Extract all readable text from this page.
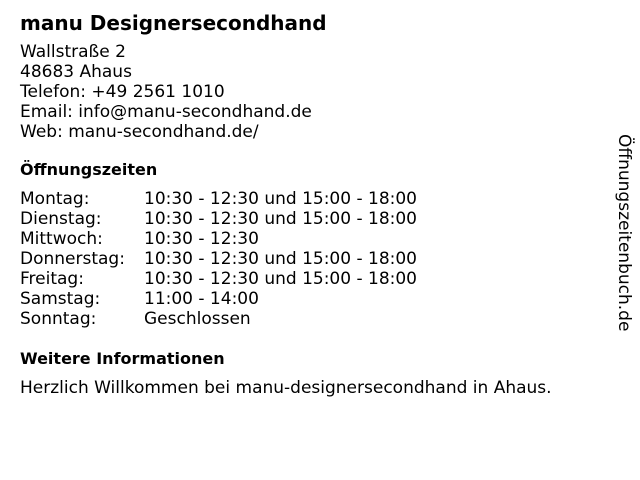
manu Designersecondhand
Wallstraße 2
48683 Ahaus
Telefon: +49 2561 1010
Email: info@manu-secondhand.de
Web: manu-secondhand.de/
Öffnungszeiten
Montag:	10:30 - 12:30 und 15:00 - 18:00
Dienstag:	10:30 - 12:30 und 15:00 - 18:00
Mittwoch:	10:30 - 12:30
Donnerstag:	10:30 - 12:30 und 15:00 - 18:00
Freitag:	10:30 - 12:30 und 15:00 - 18:00
Samstag:	11:00 - 14:00
Sonntag:	Geschlossen
Weitere Informationen
Herzlich Willkommen bei manu-designersecondhand in Ahaus.
Öffnungszeitenbuch.de
